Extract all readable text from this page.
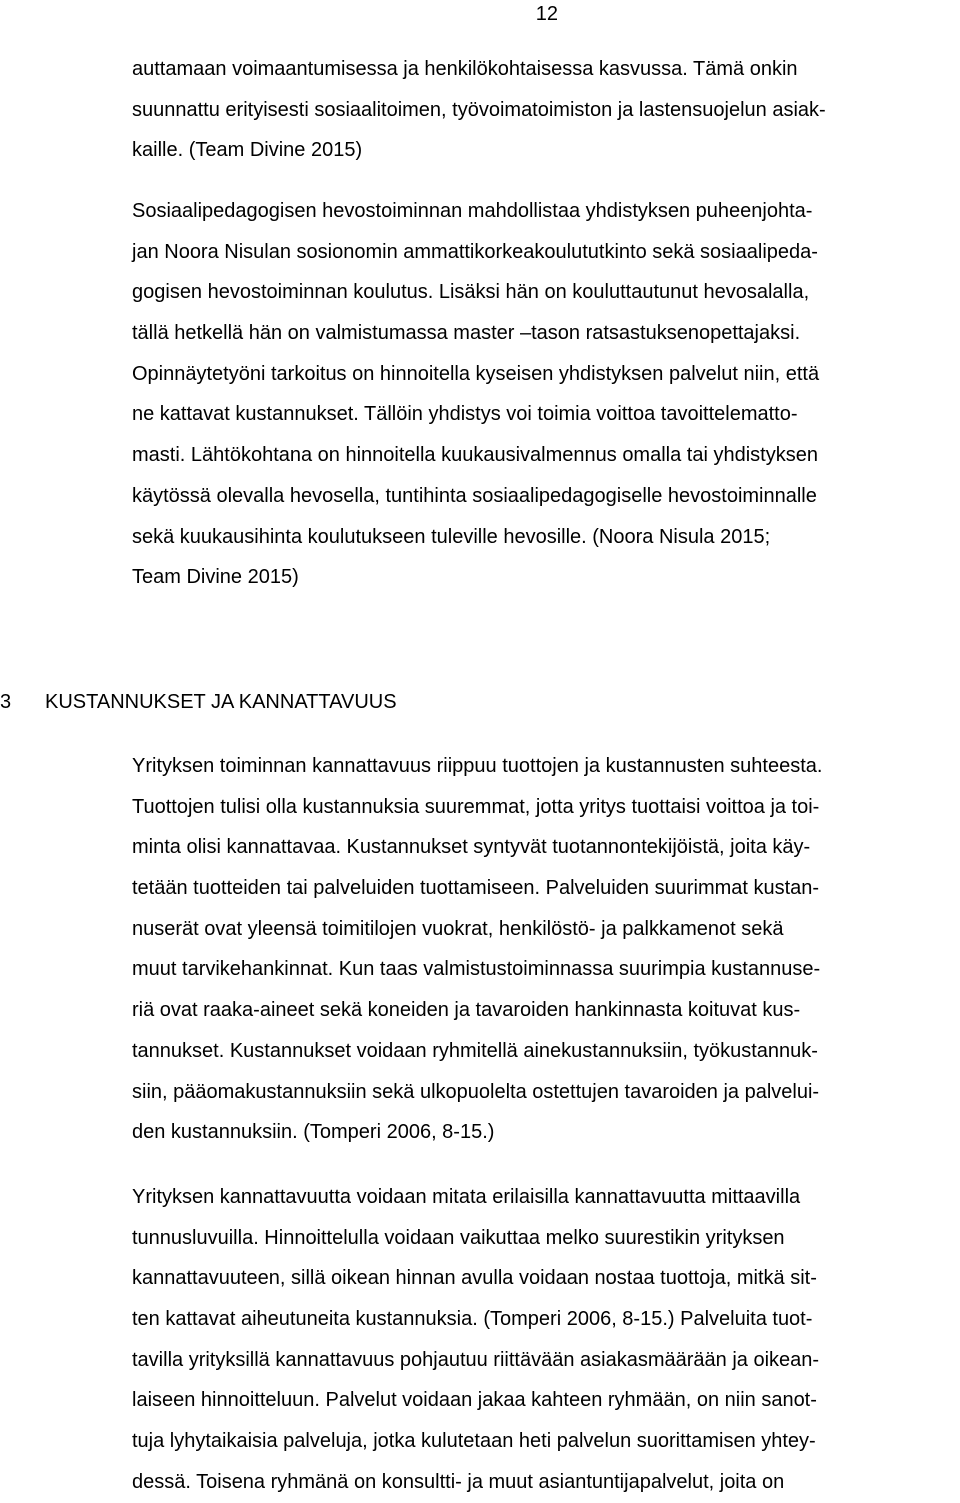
12

auttamaan voimaantumisessa ja henkilökohtaisessa kasvussa. Tämä onkin

suunnattu erityisesti sosiaalitoimen, työvoimatoimiston ja lastensuojelun asiak-

kaille. (Team Divine 2015)

Sosiaalipedagogisen hevostoiminnan mahdollistaa yhdistyksen puheenjohta-

jan Noora Nisulan sosionomin ammattikorkeakoulututkinto sekä sosiaalipeda-

gogisen hevostoiminnan koulutus. Lisäksi hän on kouluttautunut hevosalalla,

tällä hetkellä hän on valmistumassa master –tason ratsastuksenopettajaksi.

Opinnäytetyöni tarkoitus on hinnoitella kyseisen yhdistyksen palvelut niin, että

ne kattavat kustannukset. Tällöin yhdistys voi toimia voittoa tavoittelematto-

masti. Lähtökohtana on hinnoitella kuukausivalmennus omalla tai yhdistyksen

käytössä olevalla hevosella, tuntihinta sosiaalipedagogiselle hevostoiminnalle

sekä kuukausihinta koulutukseen tuleville hevosille. (Noora Nisula 2015;

Team Divine 2015)

3 KUSTANNUKSET JA KANNATTAVUUS

Yrityksen toiminnan kannattavuus riippuu tuottojen ja kustannusten suhteesta.

Tuottojen tulisi olla kustannuksia suuremmat, jotta yritys tuottaisi voittoa ja toi-

minta olisi kannattavaa. Kustannukset syntyvät tuotannontekijöistä, joita käy-

tetään tuotteiden tai palveluiden tuottamiseen. Palveluiden suurimmat kustan-

nuserät ovat yleensä toimitilojen vuokrat, henkilöstö- ja palkkamenot sekä

muut tarvikehankinnat. Kun taas valmistustoiminnassa suurimpia kustannuse-

riä ovat raaka-aineet sekä koneiden ja tavaroiden hankinnasta koituvat kus-

tannukset. Kustannukset voidaan ryhmitellä ainekustannuksiin, työkustannuk-

siin, pääomakustannuksiin sekä ulkopuolelta ostettujen tavaroiden ja palvelui-

den kustannuksiin. (Tomperi 2006, 8-15.)

Yrityksen kannattavuutta voidaan mitata erilaisilla kannattavuutta mittaavilla

tunnusluvuilla. Hinnoittelulla voidaan vaikuttaa melko suurestikin yrityksen

kannattavuuteen, sillä oikean hinnan avulla voidaan nostaa tuottoja, mitkä sit-

ten kattavat aiheutuneita kustannuksia. (Tomperi 2006, 8-15.) Palveluita tuot-

tavilla yrityksillä kannattavuus pohjautuu riittävään asiakasmäärään ja oikean-

laiseen hinnoitteluun. Palvelut voidaan jakaa kahteen ryhmään, on niin sanot-

tuja lyhytaikaisia palveluja, jotka kulutetaan heti palvelun suorittamisen yhtey-

dessä. Toisena ryhmänä on konsultti- ja muut asiantuntijapalvelut, joita on
